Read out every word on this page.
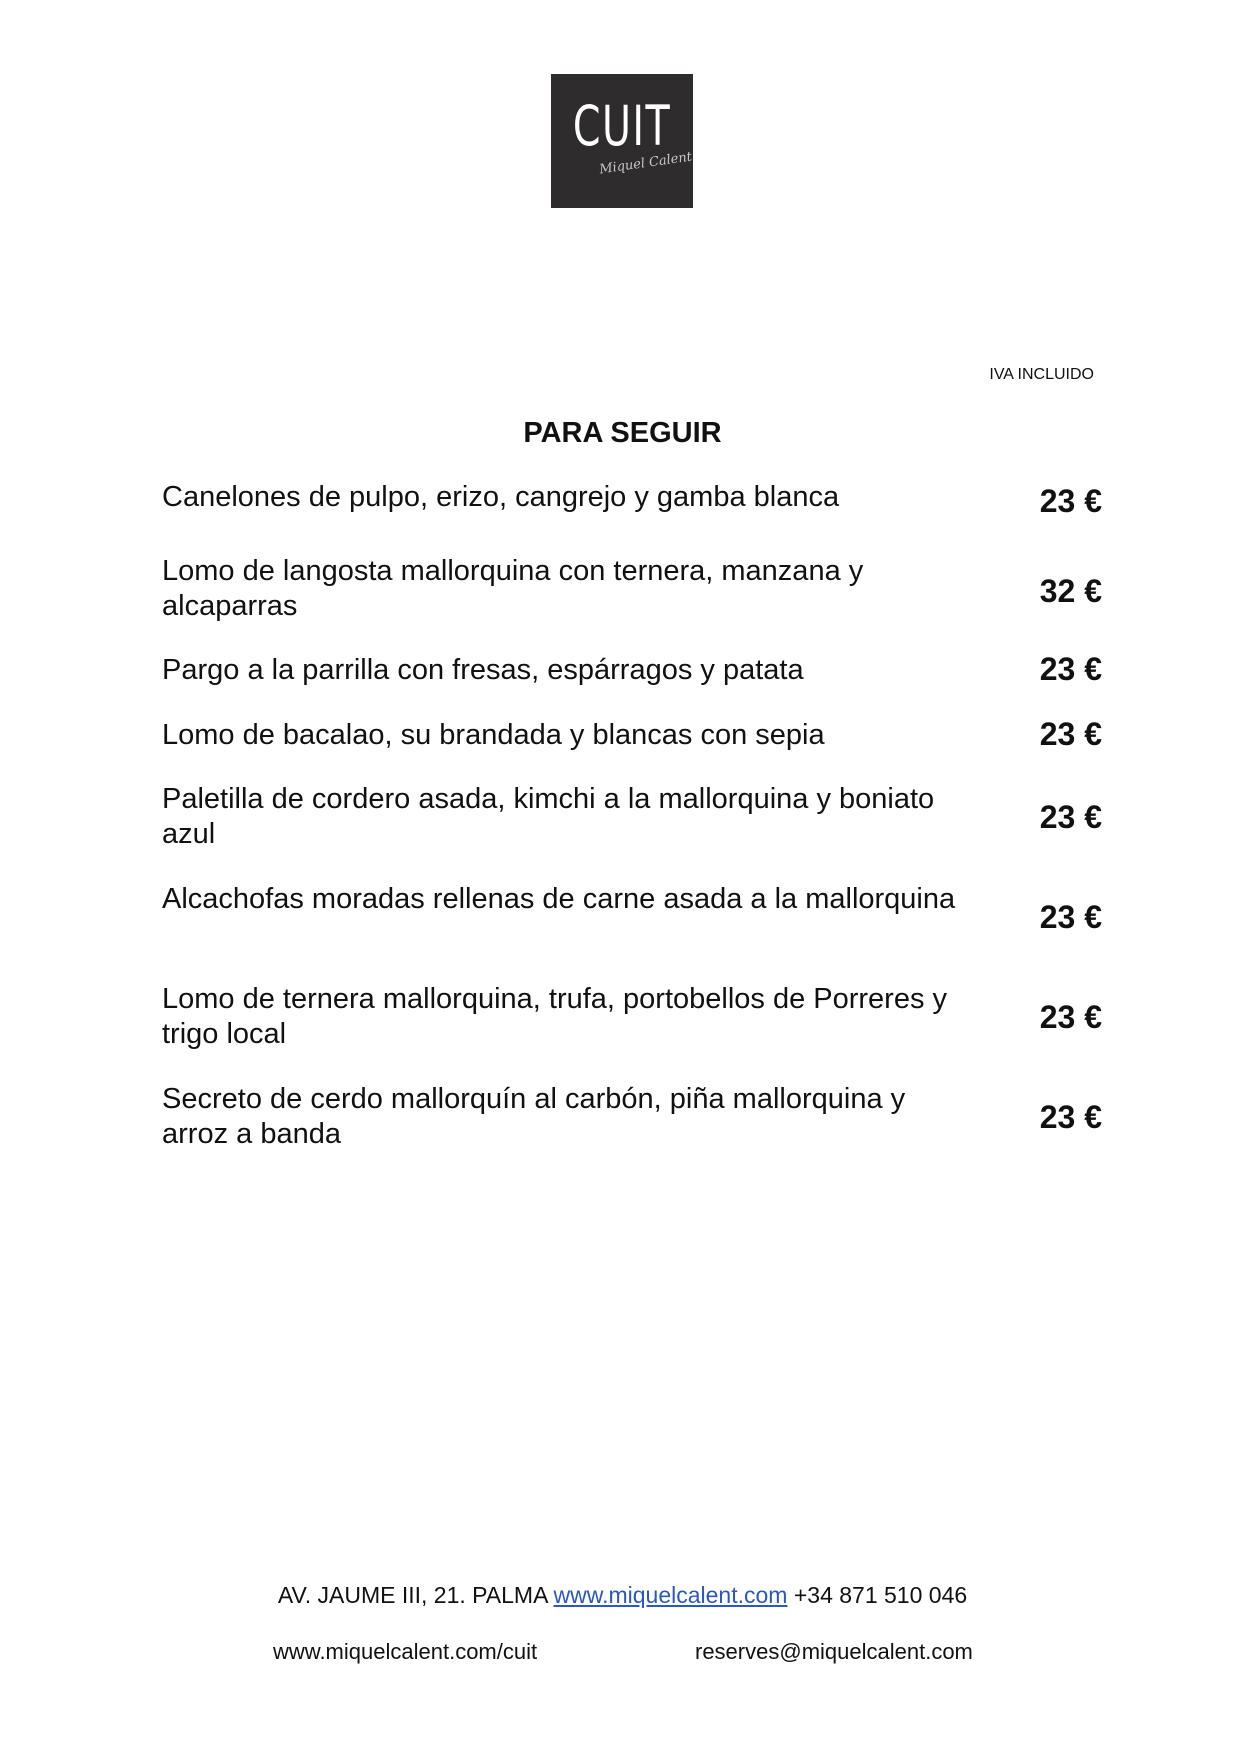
CUIT
Miquel Calent
IVA INCLUIDO
PARA SEGUIR
Canelones de pulpo, erizo, cangrejo y gamba blanca	23 €
Lomo de langosta mallorquina con ternera, manzana y alcaparras	32 €
Pargo a la parrilla con fresas, espárragos y patata	23 €
Lomo de bacalao, su brandada y blancas con sepia	23 €
Paletilla de cordero asada, kimchi a la mallorquina y boniato azul	23 €
Alcachofas moradas rellenas de carne asada a la mallorquina	23 €
Lomo de ternera mallorquina, trufa, portobellos de Porreres y trigo local	23 €
Secreto de cerdo mallorquín al carbón, piña mallorquina y arroz a banda	23 €
AV. JAUME III, 21. PALMA www.miquelcalent.com +34 871 510 046
www.miquelcalent.com/cuit	reserves@miquelcalent.com
